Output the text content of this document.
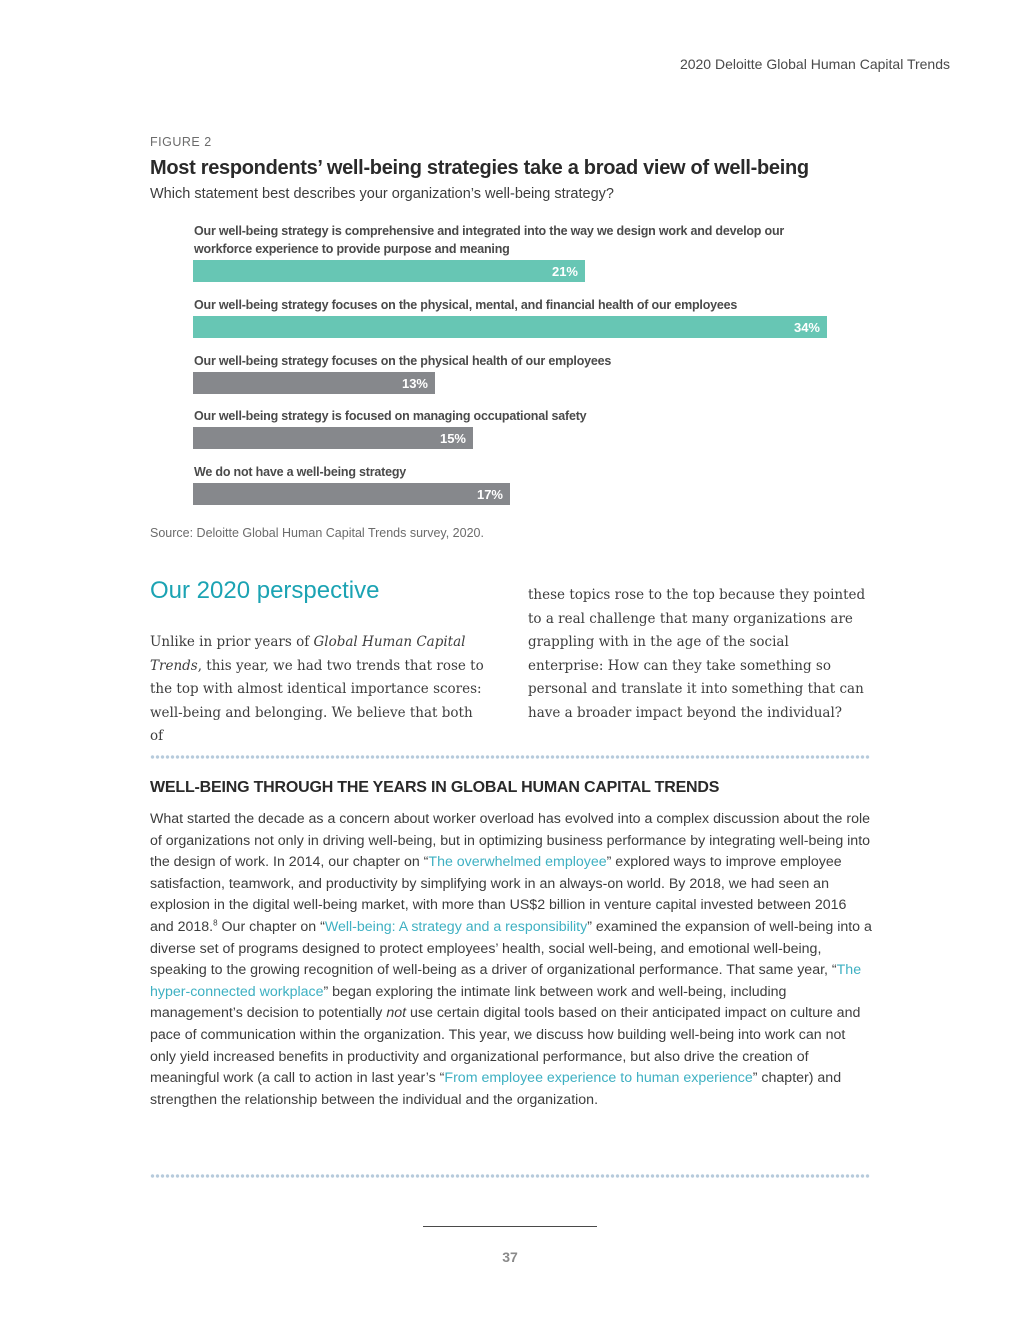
2020 Deloitte Global Human Capital Trends
FIGURE 2
Most respondents’ well-being strategies take a broad view of well-being
Which statement best describes your organization’s well-being strategy?
Our well-being strategy is comprehensive and integrated into the way we design work and develop our workforce experience to provide purpose and meaning
21%
Our well-being strategy focuses on the physical, mental, and financial health of our employees
34%
Our well-being strategy focuses on the physical health of our employees
13%
Our well-being strategy is focused on managing occupational safety
15%
We do not have a well-being strategy
17%
Source: Deloitte Global Human Capital Trends survey, 2020.
Our 2020 perspective
Unlike in prior years of Global Human Capital Trends, this year, we had two trends that rose to the top with almost identical importance scores: well-being and belonging. We believe that both of
these topics rose to the top because they pointed to a real challenge that many organizations are grappling with in the age of the social enterprise: How can they take something so personal and translate it into something that can have a broader impact beyond the individual?
WELL-BEING THROUGH THE YEARS IN GLOBAL HUMAN CAPITAL TRENDS
What started the decade as a concern about worker overload has evolved into a complex discussion about the role of organizations not only in driving well-being, but in optimizing business performance by integrating well-being into the design of work. In 2014, our chapter on “The overwhelmed employee” explored ways to improve employee satisfaction, teamwork, and productivity by simplifying work in an always-on world. By 2018, we had seen an explosion in the digital well-being market, with more than US$2 billion in venture capital invested between 2016 and 2018.$^8$ Our chapter on “Well-being: A strategy and a responsibility” examined the expansion of well-being into a diverse set of programs designed to protect employees’ health, social well-being, and emotional well-being, speaking to the growing recognition of well-being as a driver of organizational performance. That same year, “The hyper-connected workplace” began exploring the intimate link between work and well-being, including management’s decision to potentially not use certain digital tools based on their anticipated impact on culture and pace of communication within the organization. This year, we discuss how building well-being into work can not only yield increased benefits in productivity and organizational performance, but also drive the creation of meaningful work (a call to action in last year’s “From employee experience to human experience” chapter) and strengthen the relationship between the individual and the organization.
37
